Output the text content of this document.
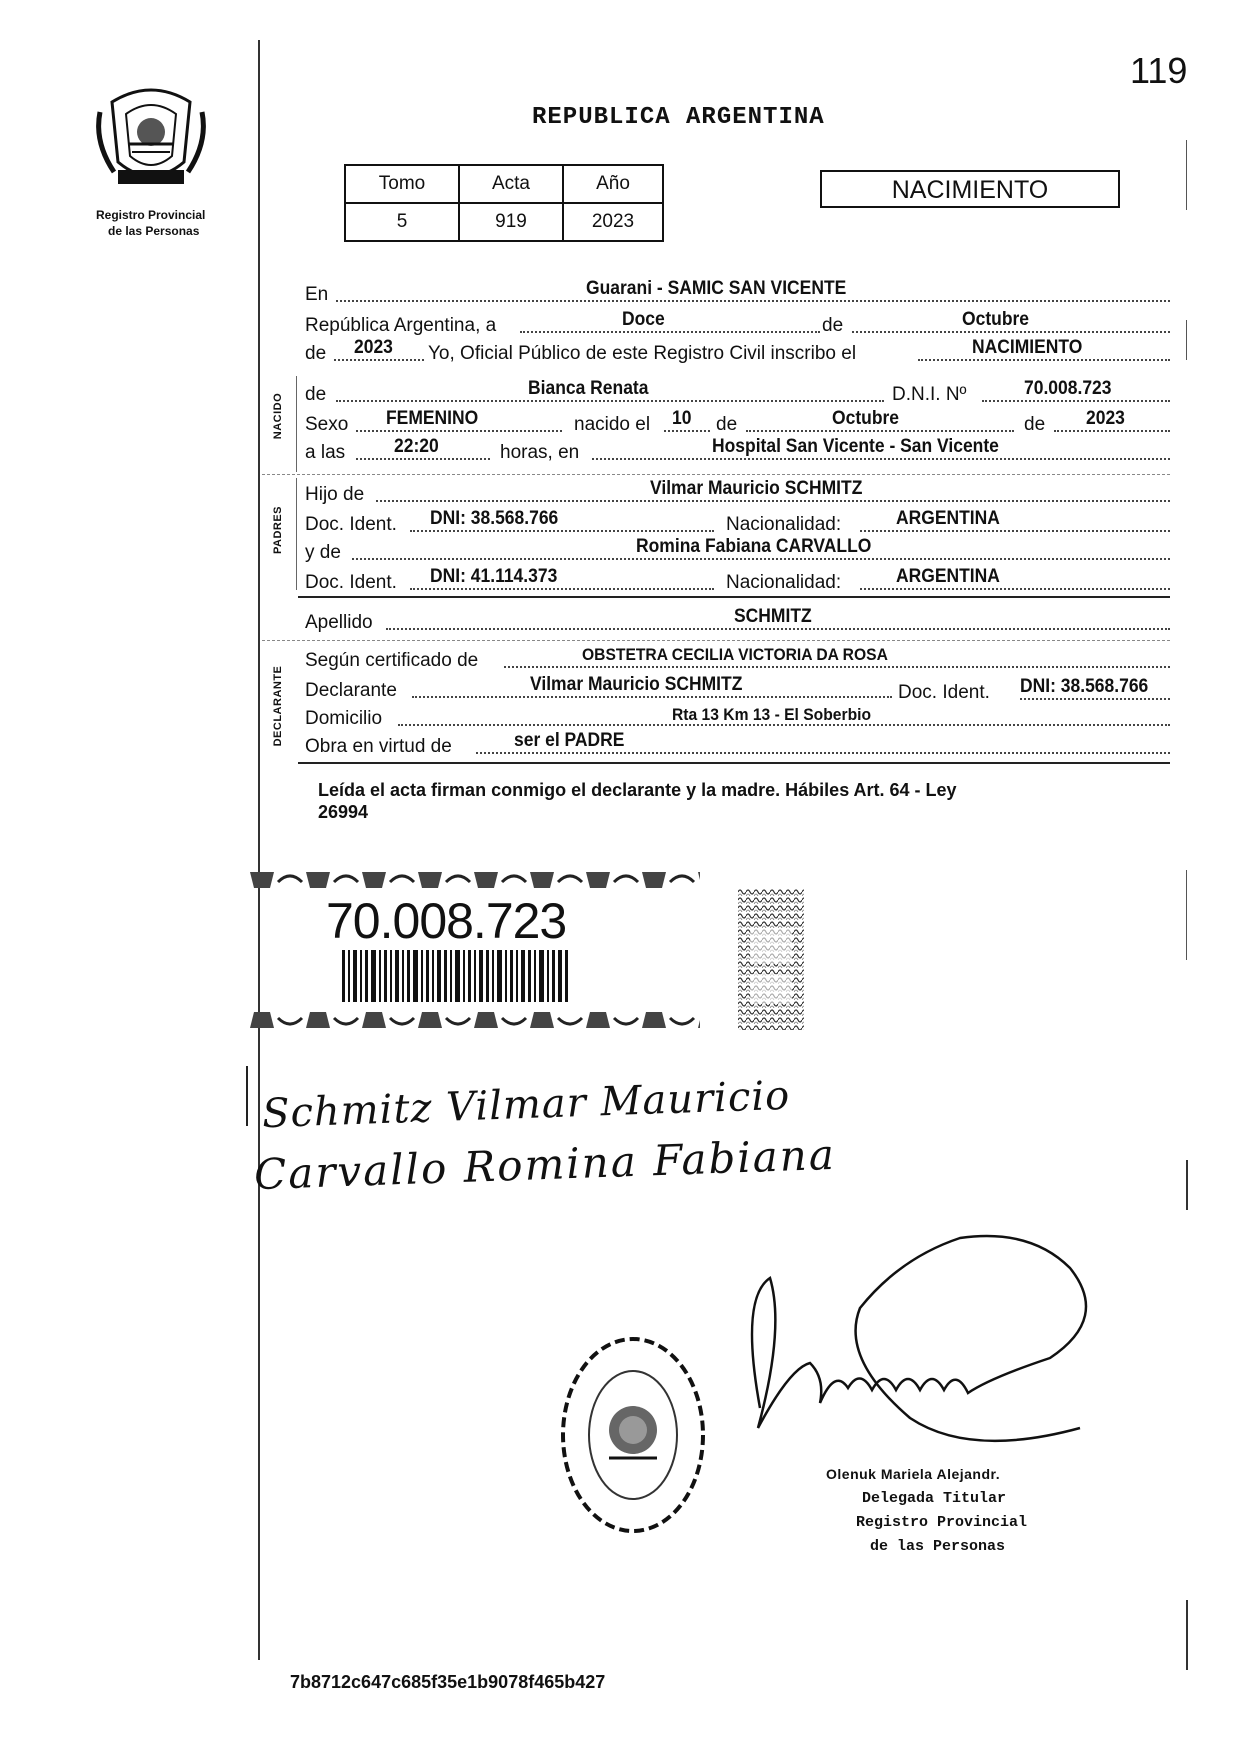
119
Registro Provincial
de las Personas
REPUBLICA ARGENTINA
Tomo	Acta	Año
5	919	2023
NACIMIENTO
En	Guarani - SAMIC SAN VICENTE
República Argentina, a	Doce	de	Octubre
de 2023 Yo, Oficial Público de este Registro Civil inscribo el	NACIMIENTO
NACIDO de	Bianca Renata	D.N.I. Nº	70.008.723
Sexo FEMENINO	nacido el 10 de	Octubre	de 2023
a las	22:20	horas, en	Hospital San Vicente - San Vicente
PADRES
Hijo de	Vilmar Mauricio SCHMITZ
Doc. Ident. DNI: 38.568.766	Nacionalidad:	ARGENTINA
y de	Romina Fabiana CARVALLO
Doc. Ident. DNI: 41.114.373	Nacionalidad:	ARGENTINA
Apellido	SCHMITZ
DECLARANTE
Según certificado de	OBSTETRA CECILIA VICTORIA DA ROSA
Declarante	Vilmar Mauricio SCHMITZ	Doc. Ident. DNI: 38.568.766
Domicilio	Rta 13 Km 13 - El Soberbio
Obra en virtud de	ser el PADRE
Leída el acta firman conmigo el declarante y la madre. Hábiles Art. 64 - Ley
26994
70.008.723
Schmitz Vilmar Mauricio
Carvallo Romina Fabiana
Olenuk Mariela Alejandr.
Delegada Titular
Registro Provincial
de las Personas
7b8712c647c685f35e1b9078f465b427
